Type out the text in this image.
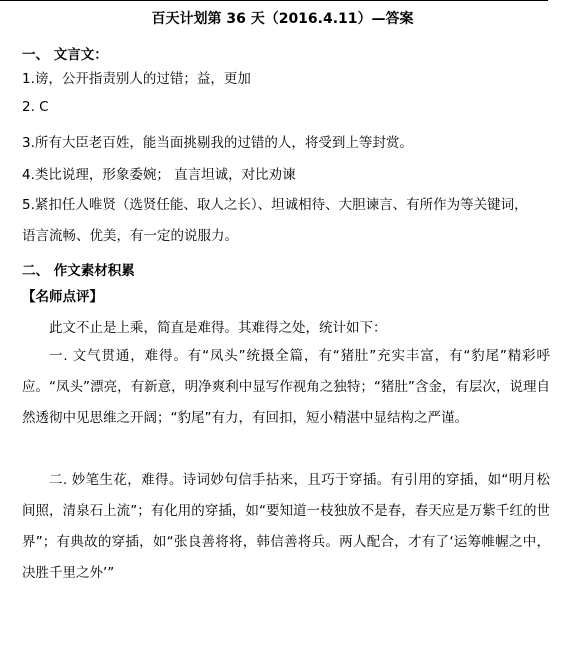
百天计划第 36 天（2016.4.11）—答案
一、 文言文：
1.谤，公开指责别人的过错；益，更加
2. C
3.所有大臣老百姓，能当面挑剔我的过错的人，将受到上等封赏。
4.类比说理，形象委婉； 直言坦诚，对比劝谏
5.紧扣任人唯贤（选贤任能、取人之长）、坦诚相待、大胆谏言、有所作为等关键词，
语言流畅、优美，有一定的说服力。
二、 作文素材积累
【名师点评】
此文不止是上乘，简直是难得。其难得之处，统计如下：
一. 文气贯通，难得。有“凤头”统摄全篇，有“猪肚”充实丰富，有“豹尾”精彩呼应。“凤头”漂亮，有新意，明净爽利中显写作视角之独特；“猪肚”含金，有层次，说理自然透彻中见思维之开阔；“豹尾”有力，有回扣，短小精湛中显结构之严谨。
二. 妙笔生花，难得。诗词妙句信手拈来，且巧于穿插。有引用的穿插，如“明月松间照，清泉石上流”；有化用的穿插，如“要知道一枝独放不是春，春天应是万紫千红的世界”；有典故的穿插，如“张良善将将，韩信善将兵。两人配合，才有了‘运筹帷幄之中，决胜千里之外’”
